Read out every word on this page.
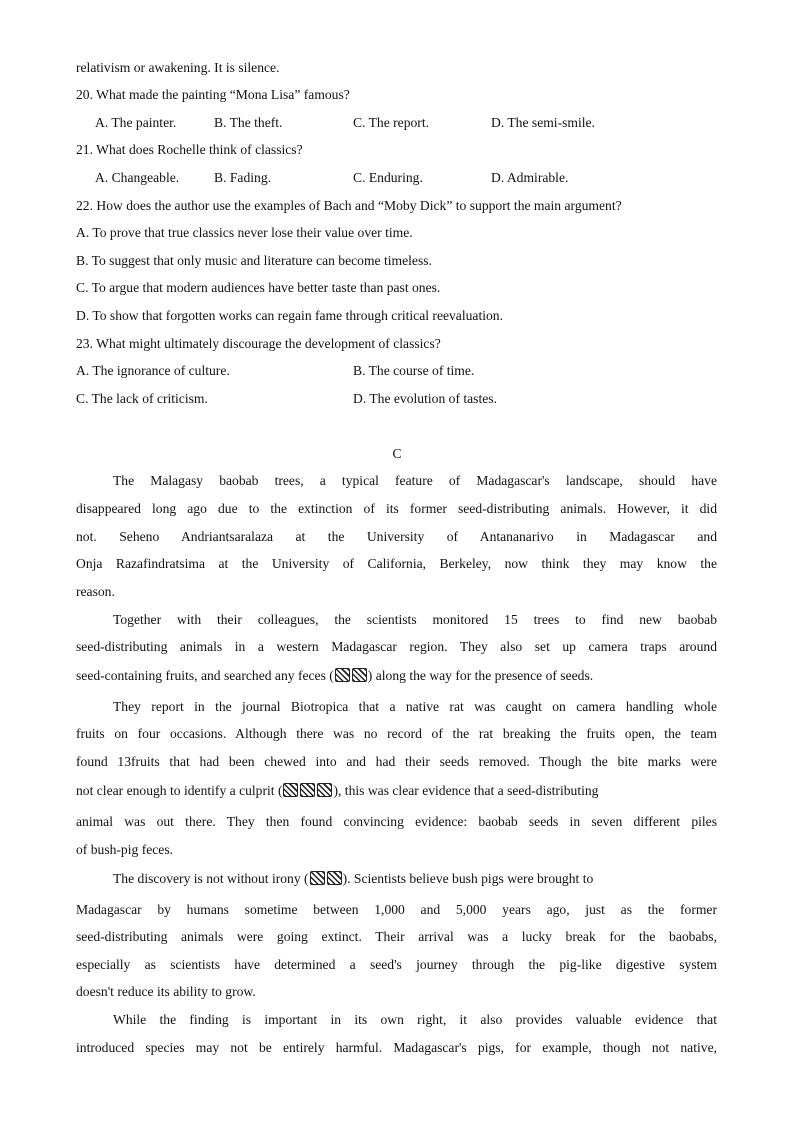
relativism or awakening. It is silence.
20. What made the painting “Mona Lisa” famous?
A. The painter.	B. The theft.	C. The report.	D. The semi-smile.
21. What does Rochelle think of classics?
A. Changeable.	B. Fading.	C. Enduring.	D. Admirable.
22. How does the author use the examples of Bach and “Moby Dick” to support the main argument?
A. To prove that true classics never lose their value over time.
B. To suggest that only music and literature can become timeless.
C. To argue that modern audiences have better taste than past ones.
D. To show that forgotten works can regain fame through critical reevaluation.
23. What might ultimately discourage the development of classics?
A. The ignorance of culture.	B. The course of time.
C. The lack of criticism.	D. The evolution of tastes.
C
The Malagasy baobab trees, a typical feature of Madagascar's landscape, should have
disappeared long ago due to the extinction of its former seed-distributing animals. However, it did
not. Seheno Andriantsaralaza at the University of Antananarivo in Madagascar and
Onja Razafindratsima at the University of California, Berkeley, now think they may know the
reason.
Together with their colleagues, the scientists monitored 15 trees to find new baobab
seed-distributing animals in a western Madagascar region. They also set up camera traps around
seed-containing fruits, and searched any feces (	) along the way for the presence of seeds.
They report in the journal Biotropica that a native rat was caught on camera handling whole
fruits on four occasions. Although there was no record of the rat breaking the fruits open, the team
found 13fruits that had been chewed into and had their seeds removed. Though the bite marks were
not clear enough to identify a culprit (	), this was clear evidence that a seed-distributing
animal was out there. They then found convincing evidence: baobab seeds in seven different piles
of bush-pig feces.
The discovery is not without irony (	). Scientists believe bush pigs were brought to
Madagascar by humans sometime between 1,000 and 5,000 years ago, just as the former
seed-distributing animals were going extinct. Their arrival was a lucky break for the baobabs,
especially as scientists have determined a seed's journey through the pig-like digestive system
doesn't reduce its ability to grow.
While the finding is important in its own right, it also provides valuable evidence that
introduced species may not be entirely harmful. Madagascar's pigs, for example, though not native,
